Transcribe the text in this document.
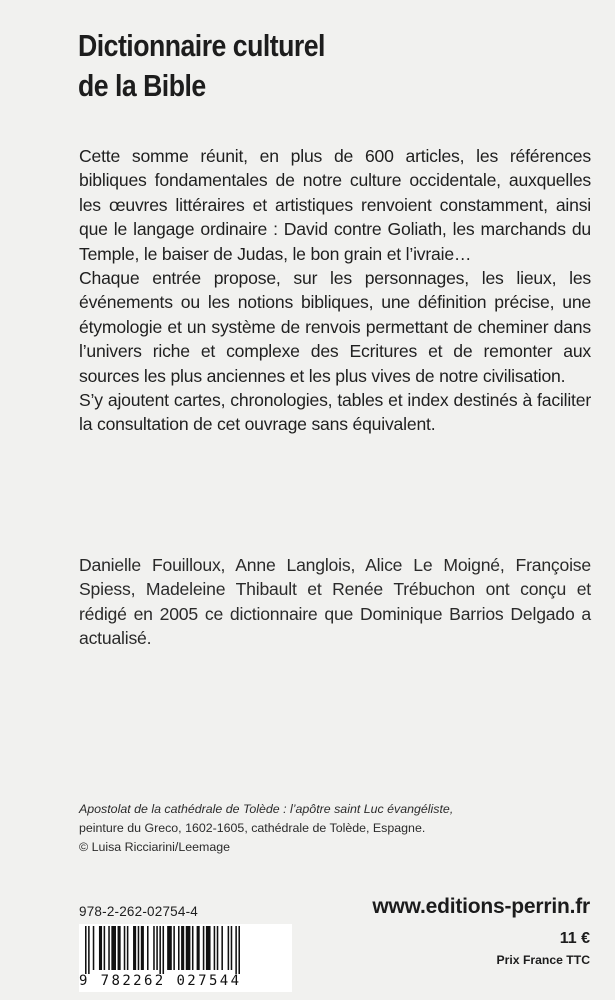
Dictionnaire culturel
de la Bible

Cette somme réunit, en plus de 600 articles, les références bibliques fondamentales de notre culture occidentale, auxquelles les œuvres littéraires et artistiques renvoient constamment, ainsi que le langage ordinaire : David contre Goliath, les marchands du Temple, le baiser de Judas, le bon grain et l’ivraie…

Chaque entrée propose, sur les personnages, les lieux, les événements ou les notions bibliques, une définition précise, une étymologie et un système de renvois permettant de cheminer dans l’univers riche et complexe des Ecritures et de remonter aux sources les plus anciennes et les plus vives de notre civilisation.

S’y ajoutent cartes, chronologies, tables et index destinés à faciliter la consultation de cet ouvrage sans équivalent.

Danielle Fouilloux, Anne Langlois, Alice Le Moigné, Françoise Spiess, Madeleine Thibault et Renée Trébuchon ont conçu et rédigé en 2005 ce dictionnaire que Dominique Barrios Delgado a actualisé.
Apostolat de la cathédrale de Tolède : l’apôtre saint Luc évangéliste,
peinture du Greco, 1602-1605, cathédrale de Tolède, Espagne.
© Luisa Ricciarini/Leemage
978-2-262-02754-4
9 782262 027544
www.editions-perrin.fr
11 €
Prix France TTC
